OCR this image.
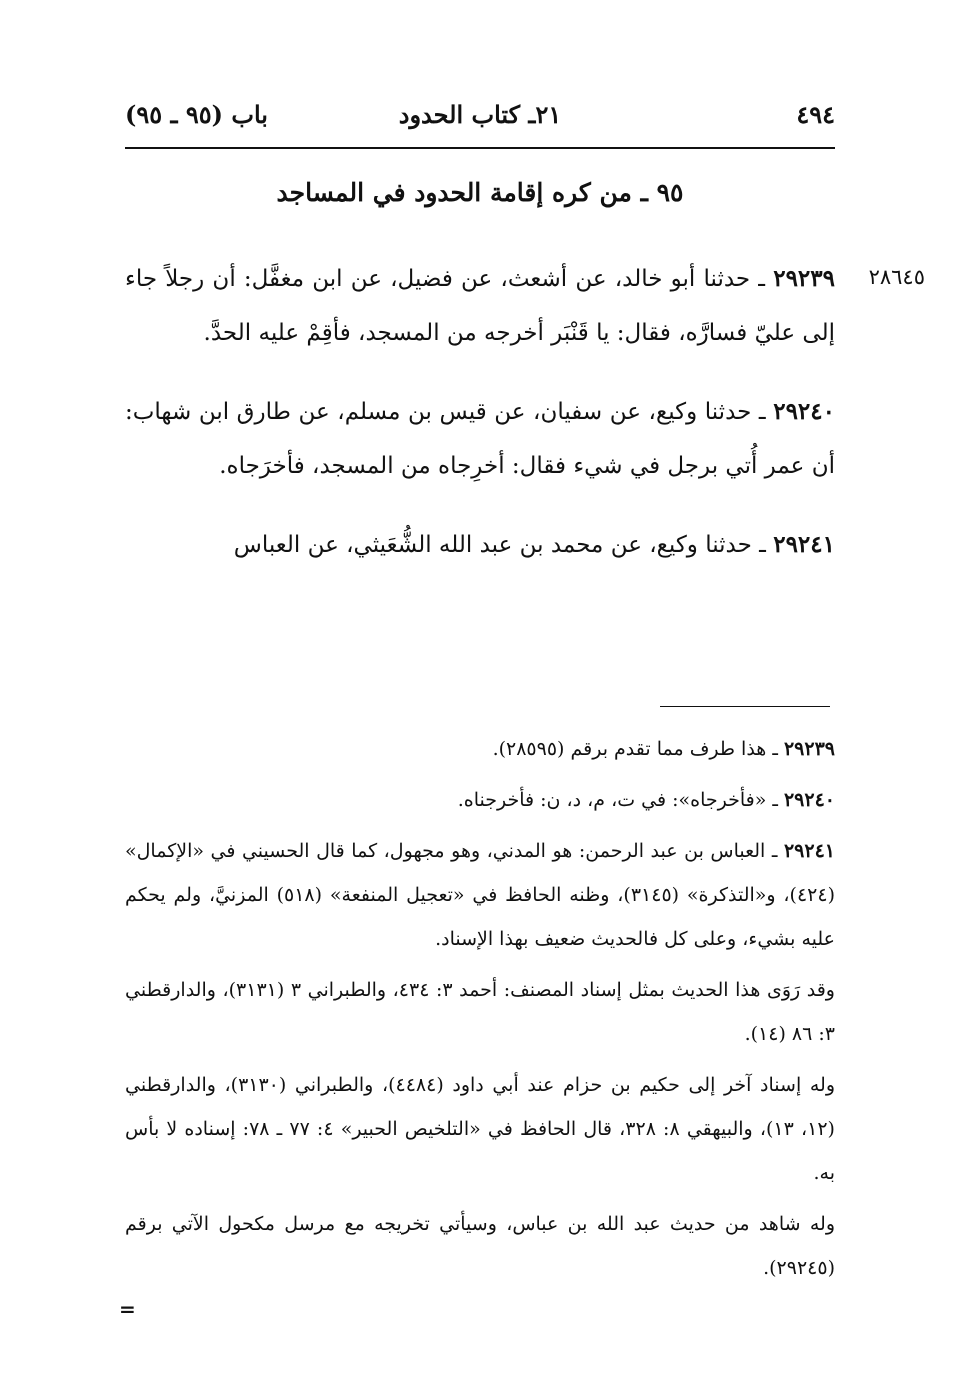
٤٩٤
٢١ـ كتاب الحدود
باب (٩٥ ـ ٩٥)
٩٥ ـ من كره إقامة الحدود في المساجد
٢٨٦٤٥

٢٩٢٣٩ ـ حدثنا أبو خالد، عن أشعث، عن فضيل، عن ابن مغفَّل: أن رجلاً جاء إلى عليّ فسارَّه، فقال: يا قَنْبَر أخرجه من المسجد، فأقِمْ عليه الحدَّ.

٢٩٢٤٠ ـ حدثنا وكيع، عن سفيان، عن قيس بن مسلم، عن طارق ابن شهاب: أن عمر أُتي برجل في شيء فقال: أخرِجاه من المسجد، فأخرَجاه.

٢٩٢٤١ ـ حدثنا وكيع، عن محمد بن عبد الله الشُّعَيثي، عن العباس

٢٩٢٣٩ ـ هذا طرف مما تقدم برقم (٢٨٥٩٥).

٢٩٢٤٠ ـ «فأخرجاه»: في ت، م، د، ن: فأخرجناه.

٢٩٢٤١ ـ العباس بن عبد الرحمن: هو المدني، وهو مجهول، كما قال الحسيني في «الإكمال» (٤٢٤)، و«التذكرة» (٣١٤٥)، وظنه الحافظ في «تعجيل المنفعة» (٥١٨) المزنيَّ، ولم يحكم عليه بشيء، وعلى كل فالحديث ضعيف بهذا الإسناد.

وقد رَوَى هذا الحديث بمثل إسناد المصنف: أحمد ٣: ٤٣٤، والطبراني ٣ (٣١٣١)، والدارقطني ٣: ٨٦ (١٤).

وله إسناد آخر إلى حكيم بن حزام عند أبي داود (٤٤٨٤)، والطبراني (٣١٣٠)، والدارقطني (١٢، ١٣)، والبيهقي ٨: ٣٢٨، قال الحافظ في «التلخيص الحبير» ٤: ٧٧ ـ ٧٨: إسناده لا بأس به.

وله شاهد من حديث عبد الله بن عباس، وسيأتي تخريجه مع مرسل مكحول الآتي برقم (٢٩٢٤٥).

=
